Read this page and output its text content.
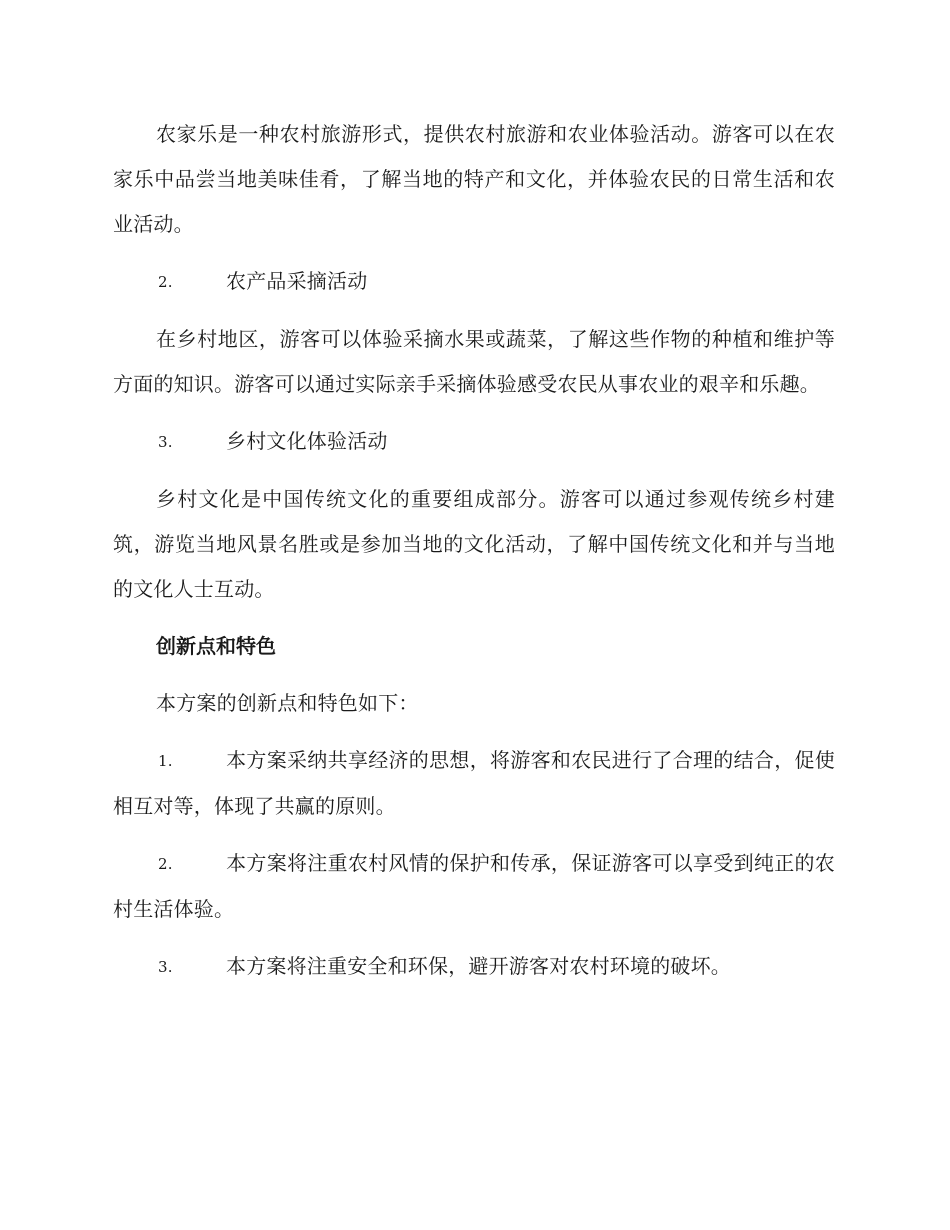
农家乐是一种农村旅游形式，提供农村旅游和农业体验活动。游客可以在农家乐中品尝当地美味佳肴，了解当地的特产和文化，并体验农民的日常生活和农业活动。

2.	农产品采摘活动

在乡村地区，游客可以体验采摘水果或蔬菜，了解这些作物的种植和维护等方面的知识。游客可以通过实际亲手采摘体验感受农民从事农业的艰辛和乐趣。

3.	乡村文化体验活动

乡村文化是中国传统文化的重要组成部分。游客可以通过参观传统乡村建筑，游览当地风景名胜或是参加当地的文化活动，了解中国传统文化和并与当地的文化人士互动。

创新点和特色

本方案的创新点和特色如下：

1.	本方案采纳共享经济的思想，将游客和农民进行了合理的结合，促使相互对等，体现了共赢的原则。
2.	本方案将注重农村风情的保护和传承，保证游客可以享受到纯正的农村生活体验。
3.	本方案将注重安全和环保，避开游客对农村环境的破坏。
